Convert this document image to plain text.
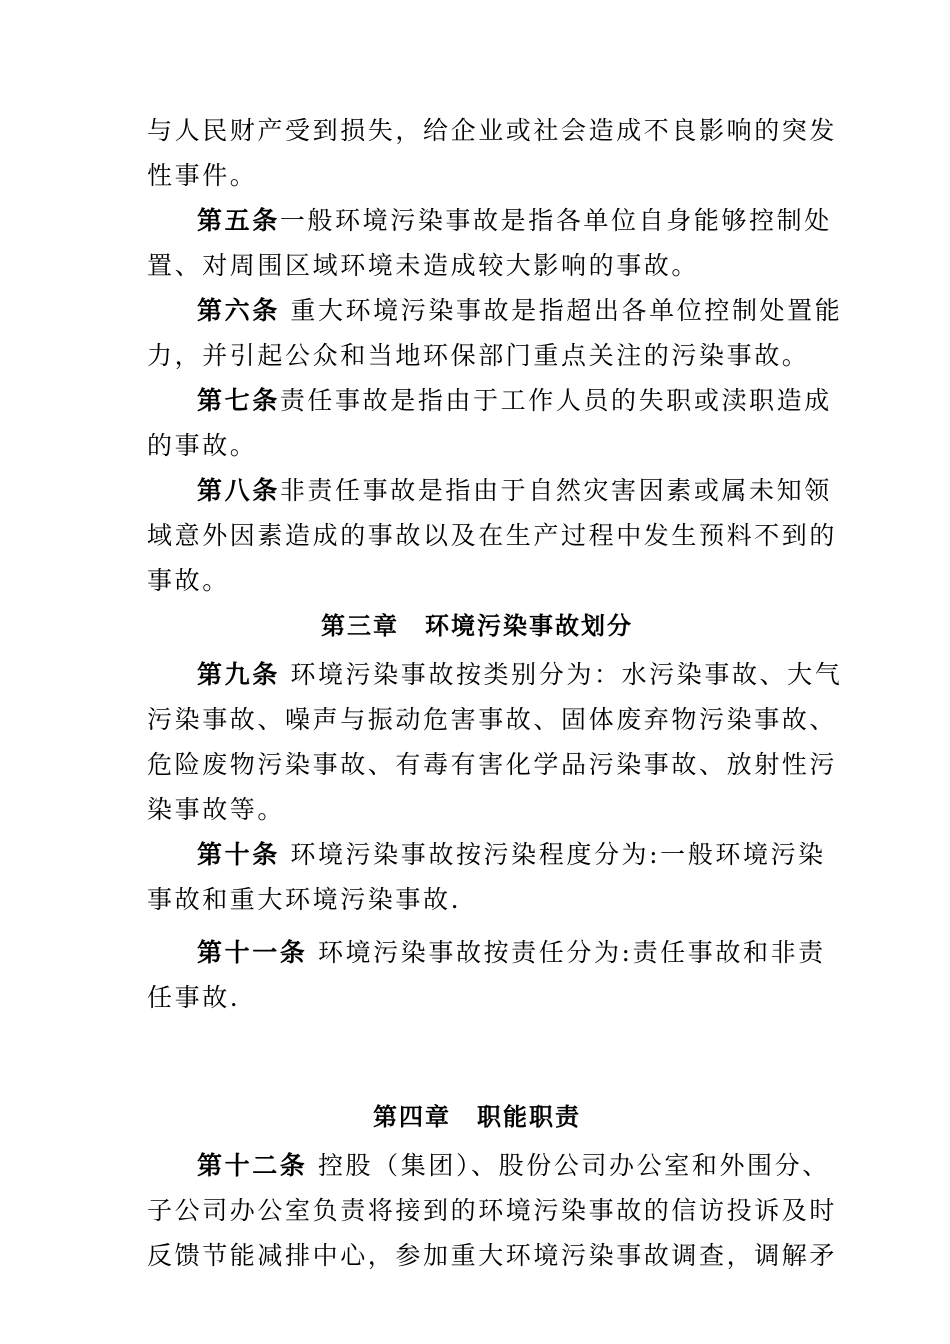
与人民财产受到损失，给企业或社会造成不良影响的突发
性事件。
第五条一般环境污染事故是指各单位自身能够控制处
置、对周围区域环境未造成较大影响的事故。
第六条 重大环境污染事故是指超出各单位控制处置能
力，并引起公众和当地环保部门重点关注的污染事故。
第七条责任事故是指由于工作人员的失职或渎职造成
的事故。
第八条非责任事故是指由于自然灾害因素或属未知领
域意外因素造成的事故以及在生产过程中发生预料不到的
事故。
第三章　环境污染事故划分
第九条 环境污染事故按类别分为：水污染事故、大气
污染事故、噪声与振动危害事故、固体废弃物污染事故、
危险废物污染事故、有毒有害化学品污染事故、放射性污
染事故等。
第十条 环境污染事故按污染程度分为:一般环境污染
事故和重大环境污染事故.
第十一条 环境污染事故按责任分为:责任事故和非责
任事故.
第四章　职能职责
第十二条 控股（集团）、股份公司办公室和外围分、
子公司办公室负责将接到的环境污染事故的信访投诉及时
反馈节能减排中心，参加重大环境污染事故调查，调解矛
